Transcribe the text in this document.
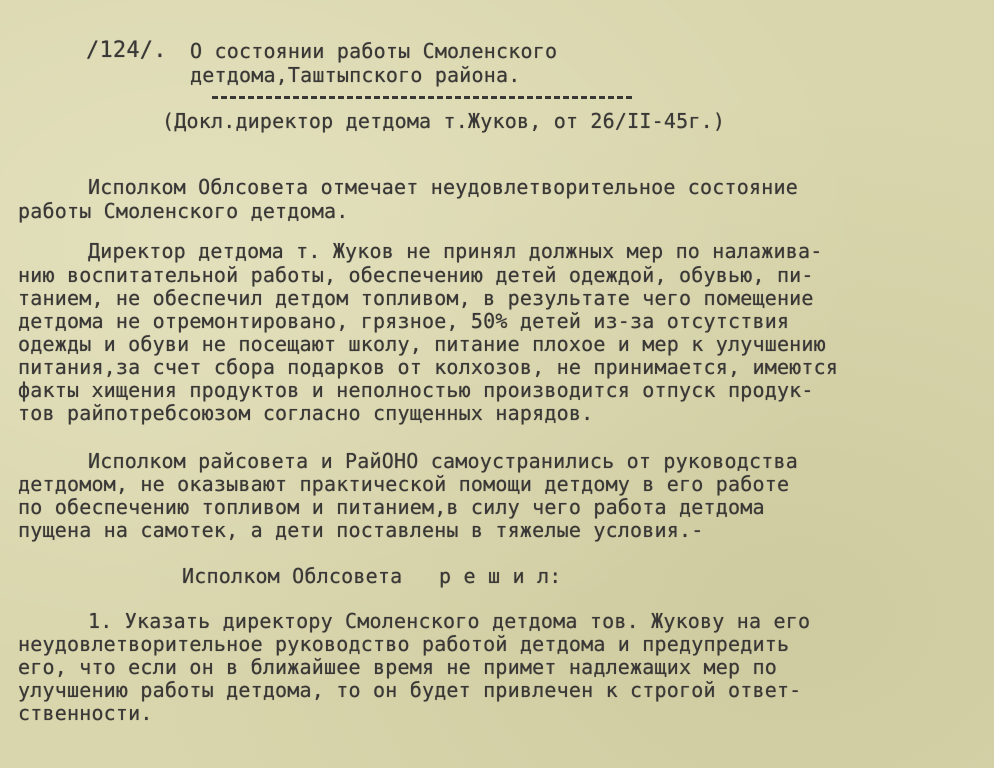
/124/. О состоянии работы Смоленского
детдома,Таштыпского района.
(Докл.директор детдома т.Жуков, от 26/II-45г.)
Исполком Облсовета отмечает неудовлетворительное состояние
работы Смоленского детдома.
Директор детдома т. Жуков не принял должных мер по налажива-
нию воспитательной работы, обеспечению детей одеждой, обувью, пи-
танием, не обеспечил детдом топливом, в результате чего помещение
детдома не отремонтировано, грязное, 50% детей из-за отсутствия
одежды и обуви не посещают школу, питание плохое и мер к улучшению
питания,за счет сбора подарков от колхозов, не принимается, имеются
факты хищения продуктов и неполностью производится отпуск продук-
тов райпотребсоюзом согласно спущенных нарядов.
Исполком райсовета и РайОНО самоустранились от руководства
детдомом, не оказывают практической помощи детдому в его работе
по обеспечению топливом и питанием,в силу чего работа детдома
пущена на самотек, а дети поставлены в тяжелые условия.-
Исполком Облсовета   р е ш и л:
1. Указать директору Смоленского детдома тов. Жукову на его
неудовлетворительное руководство работой детдома и предупредить
его, что если он в ближайшее время не примет надлежащих мер по
улучшению работы детдома, то он будет привлечен к строгой ответ-
ственности.
